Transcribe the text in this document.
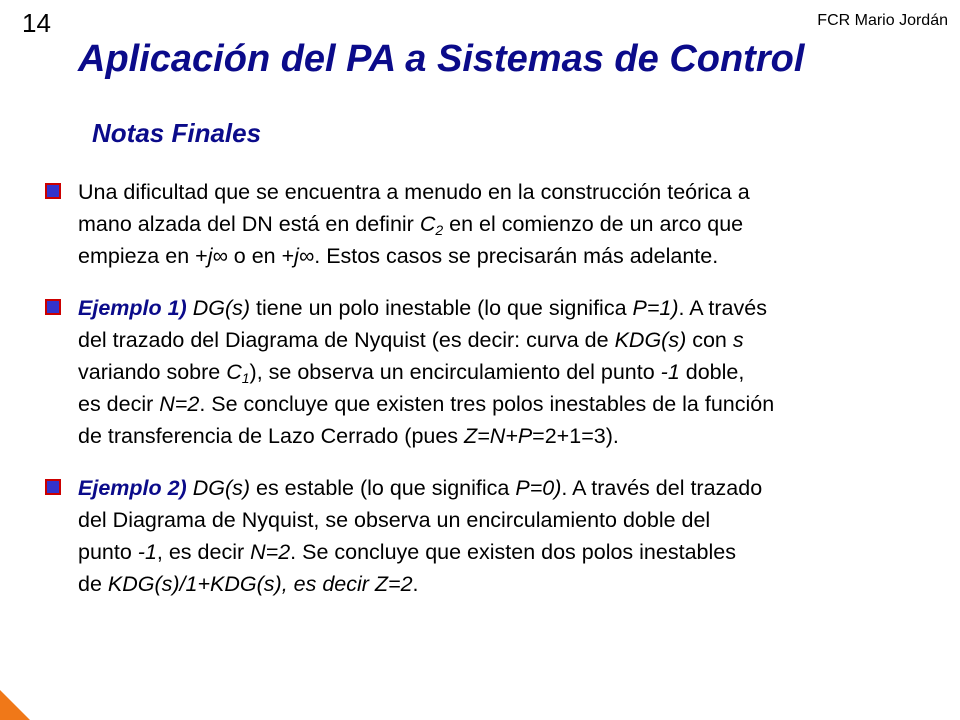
14	FCR Mario Jordán
Aplicación del PA a Sistemas de Control
Notas Finales
Una dificultad que se encuentra a menudo en la construcción teórica a
mano alzada del DN está en definir $C_2$ en el comienzo de un arco que
empieza en +j∞ o en +j∞. Estos casos se precisarán más adelante.
Ejemplo 1) DG(s) tiene un polo inestable (lo que significa P=1). A través
del trazado del Diagrama de Nyquist (es decir: curva de KDG(s) con s
variando sobre $C_1$), se observa un encirculamiento del punto -1 doble,
es decir N=2. Se concluye que existen tres polos inestables de la función
de transferencia de Lazo Cerrado (pues Z=N+P=2+1=3).
Ejemplo 2) DG(s) es estable (lo que significa P=0). A través del trazado
del Diagrama de Nyquist, se observa un encirculamiento doble del
punto -1, es decir N=2. Se concluye que existen dos polos inestables
de KDG(s)/1+KDG(s), es decir Z=2.
